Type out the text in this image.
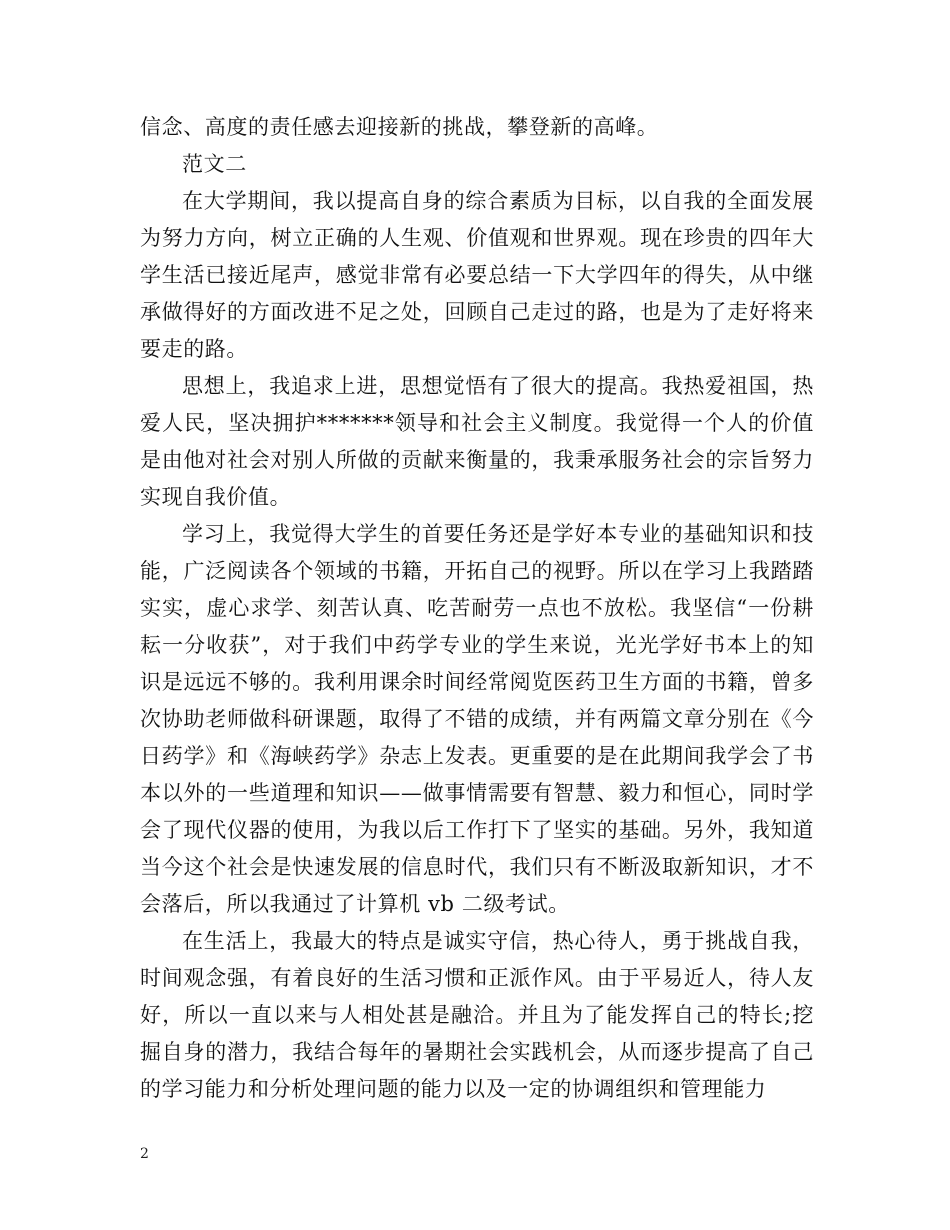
信念、高度的责任感去迎接新的挑战，攀登新的高峰。

范文二

在大学期间，我以提高自身的综合素质为目标，以自我的全面发展为努力方向，树立正确的人生观、价值观和世界观。现在珍贵的四年大学生活已接近尾声，感觉非常有必要总结一下大学四年的得失，从中继承做得好的方面改进不足之处，回顾自己走过的路，也是为了走好将来要走的路。

思想上，我追求上进，思想觉悟有了很大的提高。我热爱祖国，热爱人民，坚决拥护*******领导和社会主义制度。我觉得一个人的价值是由他对社会对别人所做的贡献来衡量的，我秉承服务社会的宗旨努力实现自我价值。

学习上，我觉得大学生的首要任务还是学好本专业的基础知识和技能，广泛阅读各个领域的书籍，开拓自己的视野。所以在学习上我踏踏实实，虚心求学、刻苦认真、吃苦耐劳一点也不放松。我坚信“一份耕耘一分收获”，对于我们中药学专业的学生来说，光光学好书本上的知识是远远不够的。我利用课余时间经常阅览医药卫生方面的书籍，曾多次协助老师做科研课题，取得了不错的成绩，并有两篇文章分别在《今日药学》和《海峡药学》杂志上发表。更重要的是在此期间我学会了书本以外的一些道理和知识——做事情需要有智慧、毅力和恒心，同时学会了现代仪器的使用，为我以后工作打下了坚实的基础。另外，我知道当今这个社会是快速发展的信息时代，我们只有不断汲取新知识，才不会落后，所以我通过了计算机 vb 二级考试。

在生活上，我最大的特点是诚实守信，热心待人，勇于挑战自我，时间观念强，有着良好的生活习惯和正派作风。由于平易近人，待人友好，所以一直以来与人相处甚是融洽。并且为了能发挥自己的特长;挖掘自身的潜力，我结合每年的暑期社会实践机会，从而逐步提高了自己的学习能力和分析处理问题的能力以及一定的协调组织和管理能力

2
